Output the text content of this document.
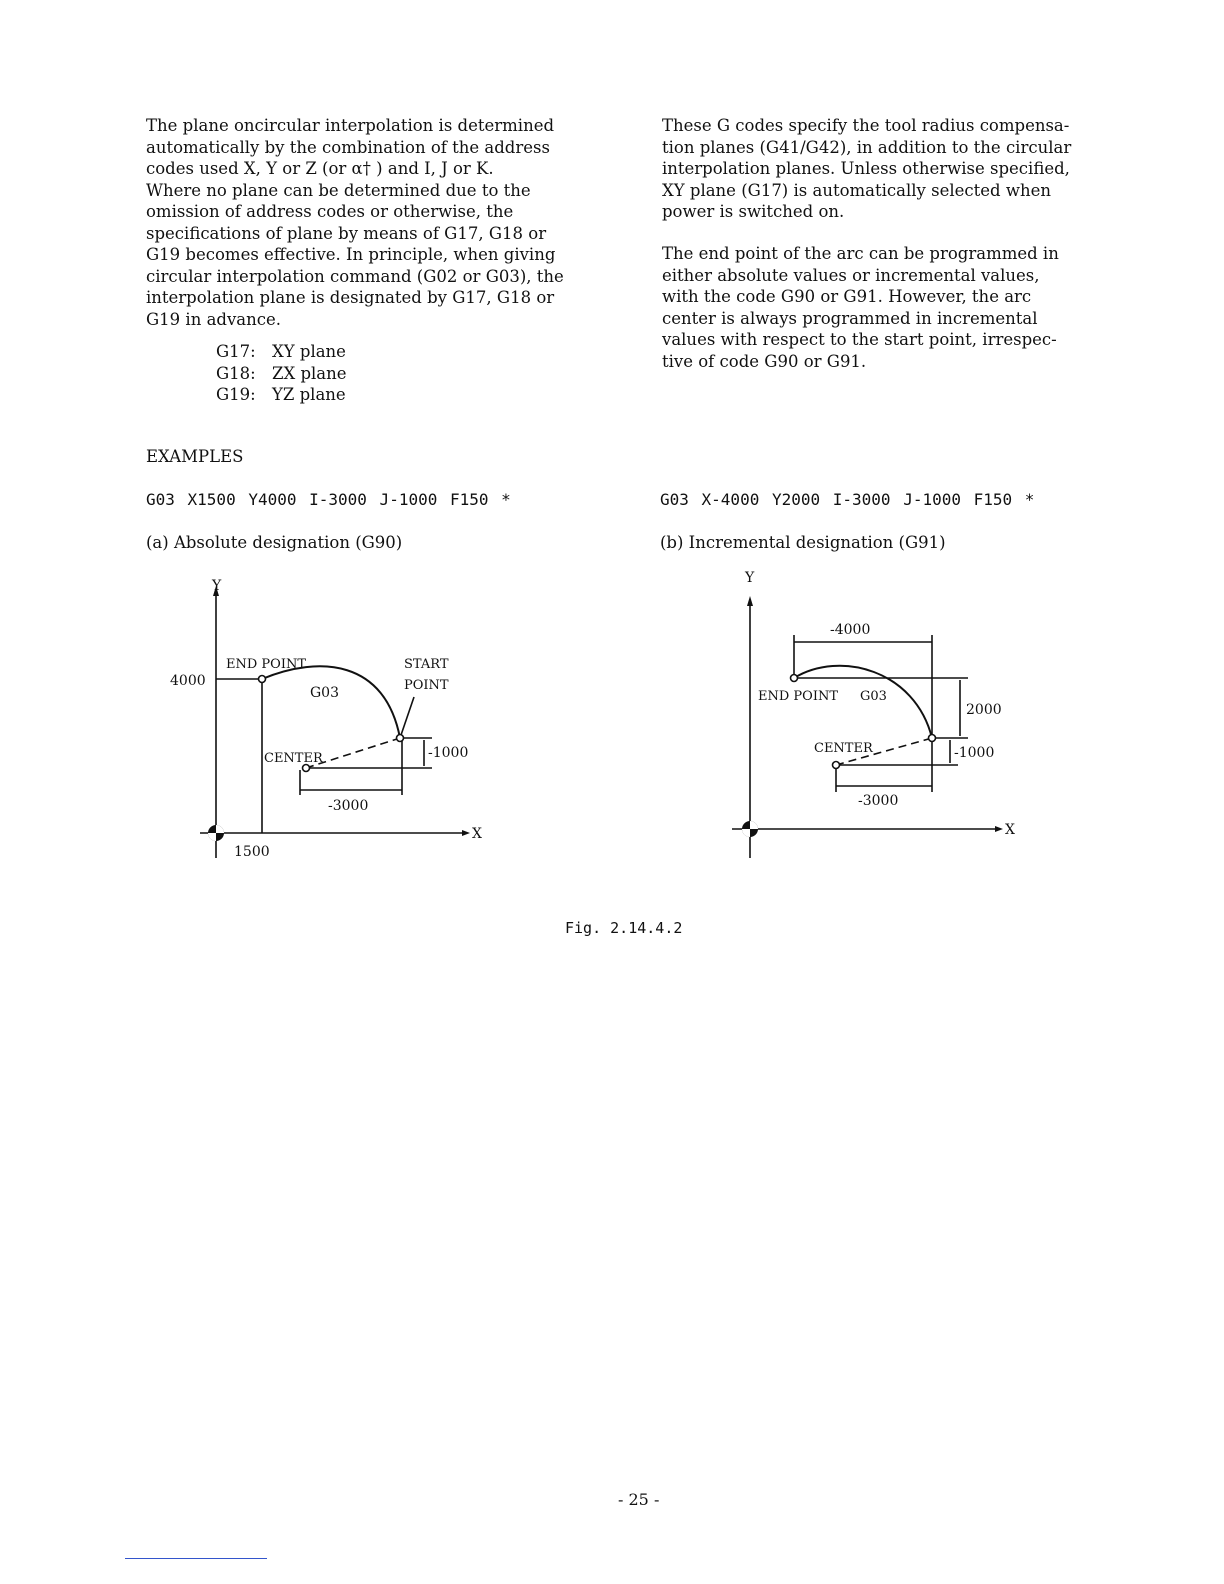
The plane oncircular interpolation is determined
automatically by the combination of the address
codes used X, Y or Z (or α† ) and I, J or K.
Where no plane can be determined due to the
omission of address codes or otherwise, the
specifications of plane by means of G17, G18 or
G19 becomes effective. In principle, when giving
circular interpolation command (G02 or G03), the
interpolation plane is designated by G17, G18 or
G19 in advance.
G17: XY plane
G18: ZX plane
G19: YZ plane
These G codes specify the tool radius compensa-
tion planes (G41/G42), in addition to the circular
interpolation planes. Unless otherwise specified,
XY plane (G17) is automatically selected when
power is switched on.
The end point of the arc can be programmed in
either absolute values or incremental values,
with the code G90 or G91. However, the arc
center is always programmed in incremental
values with respect to the start point, irrespec-
tive of code G90 or G91.
EXAMPLES
G03 X1500 Y4000 I-3000 J-1000 F150 *	G03 X-4000 Y2000 I-3000 J-1000 F150 *
(a) Absolute designation (G90)	(b) Incremental designation (G91)
Y
X
END POINT	START
POINT
G03
CENTER
4000
1500
-1000
-3000
Y
X
-4000
END POINT G03
2000
CENTER	-1000
-3000
Fig. 2.14.4.2
- 25 -
